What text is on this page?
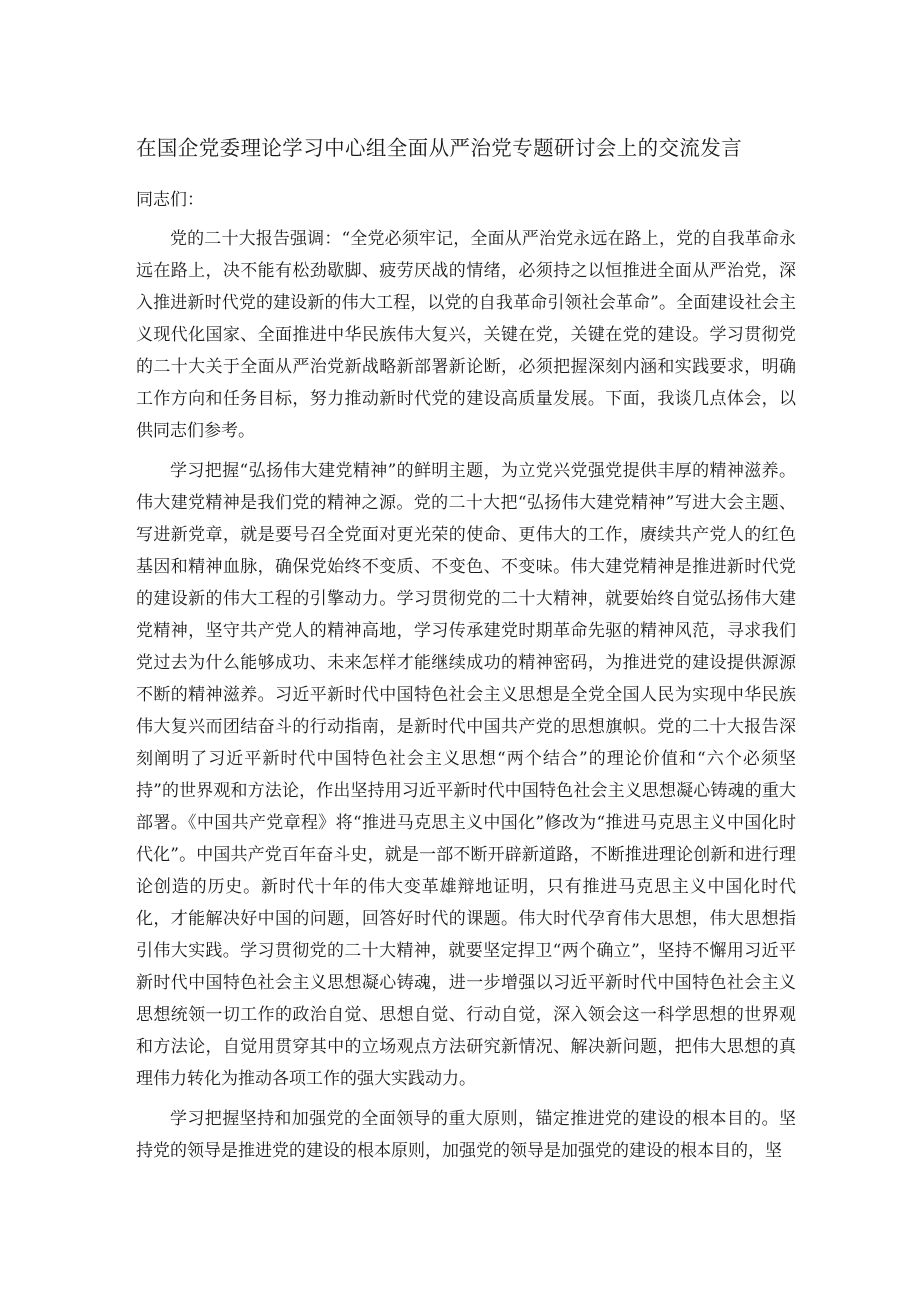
在国企党委理论学习中心组全面从严治党专题研讨会上的交流发言

同志们：

党的二十大报告强调：“全党必须牢记，全面从严治党永远在路上，党的自我革命永远在路上，决不能有松劲歇脚、疲劳厌战的情绪，必须持之以恒推进全面从严治党，深入推进新时代党的建设新的伟大工程，以党的自我革命引领社会革命”。全面建设社会主义现代化国家、全面推进中华民族伟大复兴，关键在党，关键在党的建设。学习贯彻党的二十大关于全面从严治党新战略新部署新论断，必须把握深刻内涵和实践要求，明确工作方向和任务目标，努力推动新时代党的建设高质量发展。下面，我谈几点体会，以供同志们参考。

学习把握“弘扬伟大建党精神”的鲜明主题，为立党兴党强党提供丰厚的精神滋养。伟大建党精神是我们党的精神之源。党的二十大把“弘扬伟大建党精神”写进大会主题、写进新党章，就是要号召全党面对更光荣的使命、更伟大的工作，赓续共产党人的红色基因和精神血脉，确保党始终不变质、不变色、不变味。伟大建党精神是推进新时代党的建设新的伟大工程的引擎动力。学习贯彻党的二十大精神，就要始终自觉弘扬伟大建党精神，坚守共产党人的精神高地，学习传承建党时期革命先驱的精神风范，寻求我们党过去为什么能够成功、未来怎样才能继续成功的精神密码，为推进党的建设提供源源不断的精神滋养。习近平新时代中国特色社会主义思想是全党全国人民为实现中华民族伟大复兴而团结奋斗的行动指南，是新时代中国共产党的思想旗帜。党的二十大报告深刻阐明了习近平新时代中国特色社会主义思想“两个结合”的理论价值和“六个必须坚持”的世界观和方法论，作出坚持用习近平新时代中国特色社会主义思想凝心铸魂的重大部署。《中国共产党章程》将“推进马克思主义中国化”修改为“推进马克思主义中国化时代化”。中国共产党百年奋斗史，就是一部不断开辟新道路，不断推进理论创新和进行理论创造的历史。新时代十年的伟大变革雄辩地证明，只有推进马克思主义中国化时代化，才能解决好中国的问题，回答好时代的课题。伟大时代孕育伟大思想，伟大思想指引伟大实践。学习贯彻党的二十大精神，就要坚定捍卫“两个确立”，坚持不懈用习近平新时代中国特色社会主义思想凝心铸魂，进一步增强以习近平新时代中国特色社会主义思想统领一切工作的政治自觉、思想自觉、行动自觉，深入领会这一科学思想的世界观和方法论，自觉用贯穿其中的立场观点方法研究新情况、解决新问题，把伟大思想的真理伟力转化为推动各项工作的强大实践动力。

学习把握坚持和加强党的全面领导的重大原则，锚定推进党的建设的根本目的。坚持党的领导是推进党的建设的根本原则，加强党的领导是加强党的建设的根本目的，坚
